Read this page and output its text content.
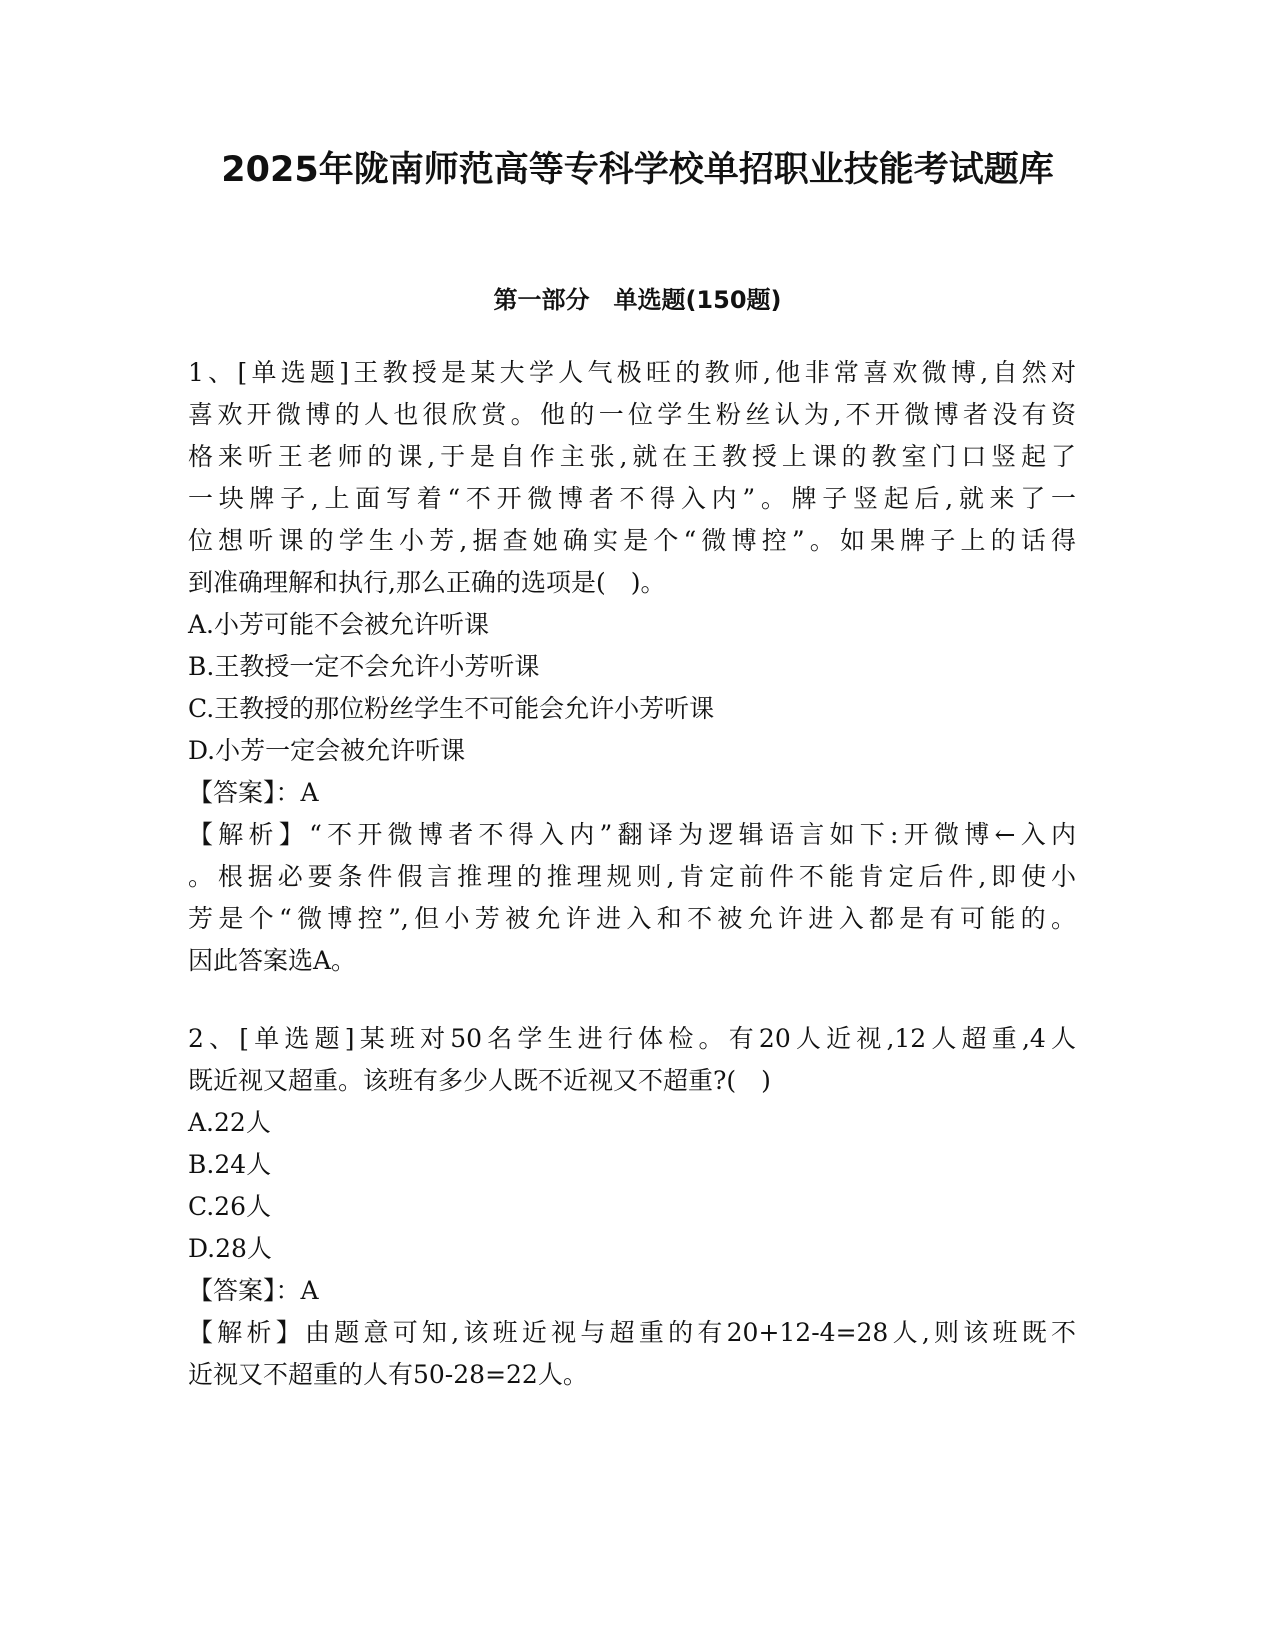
2025年陇南师范高等专科学校单招职业技能考试题库
第一部分　单选题(150题)
1、[单选题]王教授是某大学人气极旺的教师,他非常喜欢微博,自然对
喜欢开微博的人也很欣赏。他的一位学生粉丝认为,不开微博者没有资
格来听王老师的课,于是自作主张,就在王教授上课的教室门口竖起了
一块牌子,上面写着“不开微博者不得入内”。牌子竖起后,就来了一
位想听课的学生小芳,据查她确实是个“微博控”。如果牌子上的话得
到准确理解和执行,那么正确的选项是(　)。
A.小芳可能不会被允许听课
B.王教授一定不会允许小芳听课
C.王教授的那位粉丝学生不可能会允许小芳听课
D.小芳一定会被允许听课
【答案】：A
【解析】“不开微博者不得入内”翻译为逻辑语言如下:开微博←入内
。根据必要条件假言推理的推理规则,肯定前件不能肯定后件,即使小
芳是个“微博控”,但小芳被允许进入和不被允许进入都是有可能的。
因此答案选A。
2、[单选题]某班对50名学生进行体检。有20人近视,12人超重,4人
既近视又超重。该班有多少人既不近视又不超重?(　)
A.22人
B.24人
C.26人
D.28人
【答案】：A
【解析】由题意可知,该班近视与超重的有20+12-4=28人,则该班既不
近视又不超重的人有50-28=22人。
